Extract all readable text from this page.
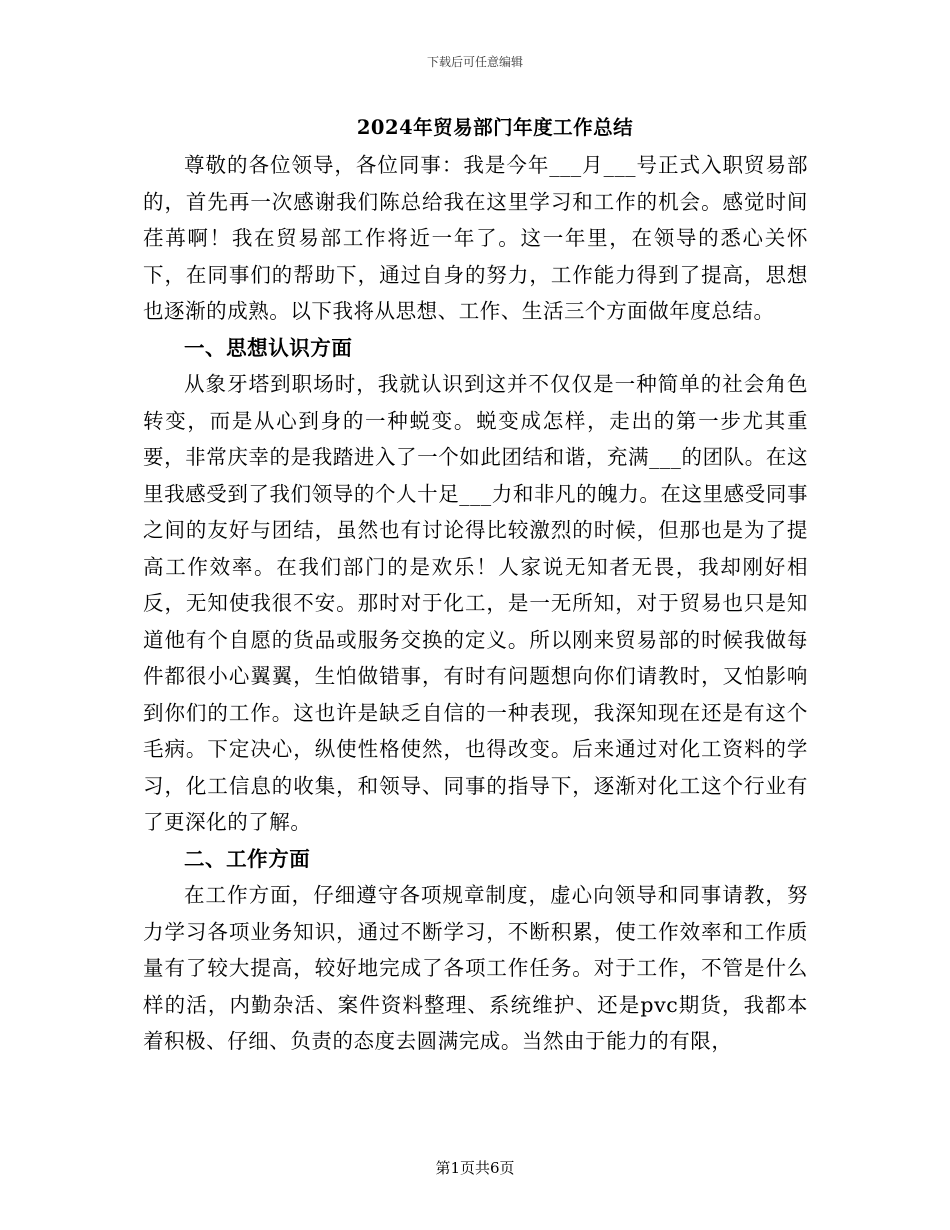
下载后可任意编辑
2024年贸易部门年度工作总结

尊敬的各位领导，各位同事：我是今年___月___号正式入职贸易部的，首先再一次感谢我们陈总给我在这里学习和工作的机会。感觉时间荏苒啊！我在贸易部工作将近一年了。这一年里，在领导的悉心关怀下，在同事们的帮助下，通过自身的努力，工作能力得到了提高，思想也逐渐的成熟。以下我将从思想、工作、生活三个方面做年度总结。

一、思想认识方面

从象牙塔到职场时，我就认识到这并不仅仅是一种简单的社会角色转变，而是从心到身的一种蜕变。蜕变成怎样，走出的第一步尤其重要，非常庆幸的是我踏进入了一个如此团结和谐，充满___的团队。在这里我感受到了我们领导的个人十足___力和非凡的魄力。在这里感受同事之间的友好与团结，虽然也有讨论得比较激烈的时候，但那也是为了提高工作效率。在我们部门的是欢乐！人家说无知者无畏，我却刚好相反，无知使我很不安。那时对于化工，是一无所知，对于贸易也只是知道他有个自愿的货品或服务交换的定义。所以刚来贸易部的时候我做每件都很小心翼翼，生怕做错事，有时有问题想向你们请教时，又怕影响到你们的工作。这也许是缺乏自信的一种表现，我深知现在还是有这个毛病。下定决心，纵使性格使然，也得改变。后来通过对化工资料的学习，化工信息的收集，和领导、同事的指导下，逐渐对化工这个行业有了更深化的了解。

二、工作方面

在工作方面，仔细遵守各项规章制度，虚心向领导和同事请教，努力学习各项业务知识，通过不断学习，不断积累，使工作效率和工作质量有了较大提高，较好地完成了各项工作任务。对于工作，不管是什么样的活，内勤杂活、案件资料整理、系统维护、还是pvc期货，我都本着积极、仔细、负责的态度去圆满完成。当然由于能力的有限，

第1页共6页
